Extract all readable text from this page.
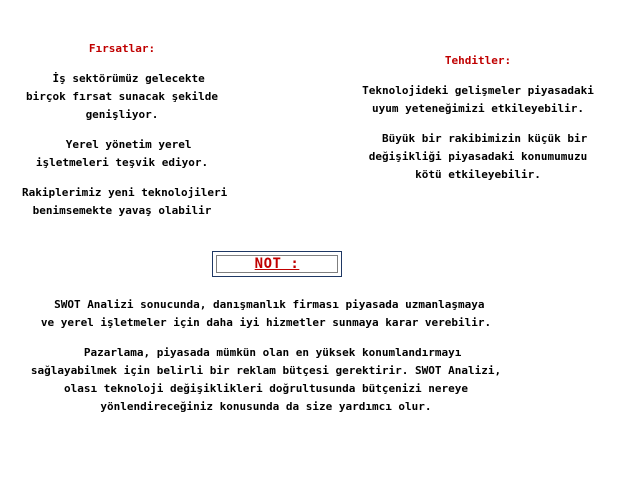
Fırsatlar:
İş sektörümüz gelecekte
birçok fırsat sunacak şekilde
genişliyor.
Yerel yönetim yerel
işletmeleri teşvik ediyor.
Rakiplerimiz yeni teknolojileri
benimsemekte yavaş olabilir
Tehditler:
Teknolojideki gelişmeler piyasadaki
uyum yeteneğimizi etkileyebilir.
Büyük bir rakibimizin küçük bir
değişikliği piyasadaki konumumuzu
kötü etkileyebilir.
NOT :
SWOT Analizi sonucunda, danışmanlık firması piyasada uzmanlaşmaya
ve yerel işletmeler için daha iyi hizmetler sunmaya karar verebilir.
Pazarlama, piyasada mümkün olan en yüksek konumlandırmayı
sağlayabilmek için belirli bir reklam bütçesi gerektirir. SWOT Analizi,
olası teknoloji değişiklikleri doğrultusunda bütçenizi nereye
yönlendireceğiniz konusunda da size yardımcı olur.
